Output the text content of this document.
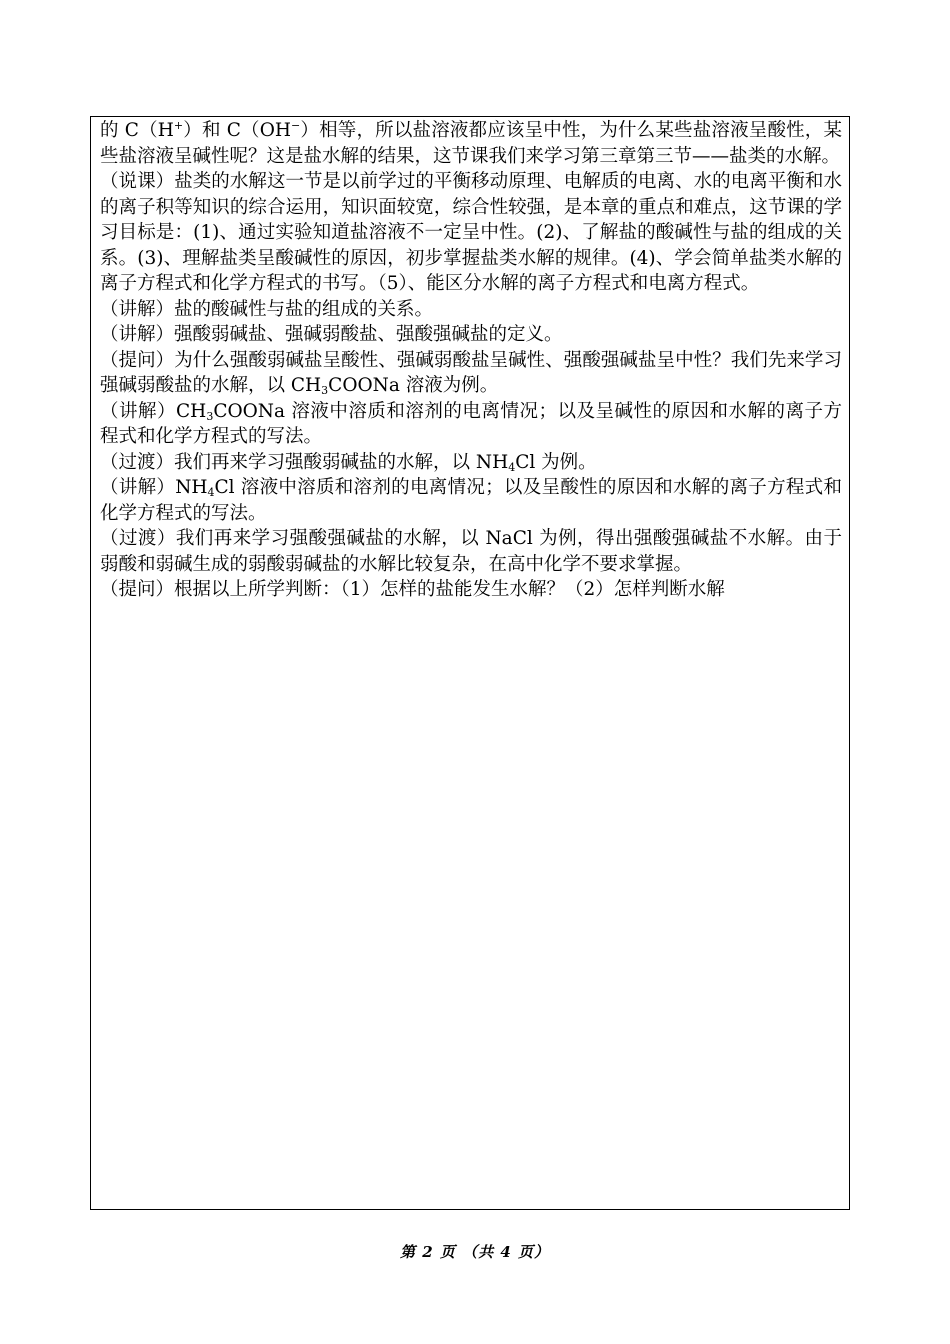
的 C（H+）和 C（OH−）相等，所以盐溶液都应该呈中性，为什么某些盐溶液呈酸性，某些盐溶液呈碱性呢？这是盐水解的结果，这节课我们来学习第三章第三节——盐类的水解。

（说课）盐类的水解这一节是以前学过的平衡移动原理、电解质的电离、水的电离平衡和水的离子积等知识的综合运用，知识面较宽，综合性较强，是本章的重点和难点，这节课的学习目标是：(1)、通过实验知道盐溶液不一定呈中性。(2)、了解盐的酸碱性与盐的组成的关系。(3)、理解盐类呈酸碱性的原因，初步掌握盐类水解的规律。(4)、学会简单盐类水解的离子方程式和化学方程式的书写。（5）、能区分水解的离子方程式和电离方程式。

（讲解）盐的酸碱性与盐的组成的关系。

（讲解）强酸弱碱盐、强碱弱酸盐、强酸强碱盐的定义。

（提问）为什么强酸弱碱盐呈酸性、强碱弱酸盐呈碱性、强酸强碱盐呈中性？我们先来学习强碱弱酸盐的水解，以 $CH_3COONa$ 溶液为例。

（讲解）$CH_3COONa$ 溶液中溶质和溶剂的电离情况；以及呈碱性的原因和水解的离子方程式和化学方程式的写法。

（过渡）我们再来学习强酸弱碱盐的水解，以 $NH_4Cl$ 为例。

（讲解）$NH_4Cl$ 溶液中溶质和溶剂的电离情况；以及呈酸性的原因和水解的离子方程式和化学方程式的写法。

（过渡）我们再来学习强酸强碱盐的水解，以 NaCl 为例，得出强酸强碱盐不水解。由于弱酸和弱碱生成的弱酸弱碱盐的水解比较复杂，在高中化学不要求掌握。

（提问）根据以上所学判断：（1）怎样的盐能发生水解？（2）怎样判断水解

第 2 页 （共 4 页）
